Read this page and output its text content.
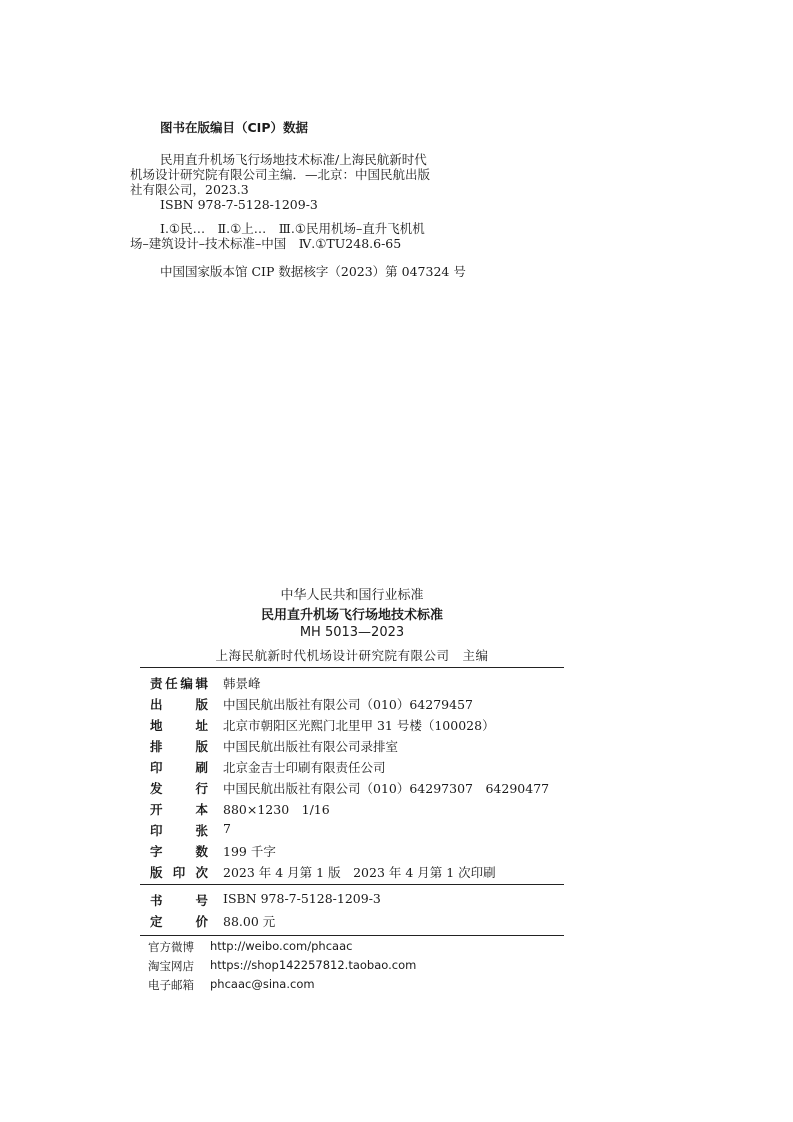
图书在版编目（CIP）数据
民用直升机场飞行场地技术标准/上海民航新时代
机场设计研究院有限公司主编．—北京：中国民航出版
社有限公司，2023.3
ISBN 978-7-5128-1209-3
Ⅰ.①民…　Ⅱ.①上…　Ⅲ.①民用机场–直升飞机机
场–建筑设计–技术标准–中国　Ⅳ.①TU248.6-65
中国国家版本馆 CIP 数据核字（2023）第 047324 号
中华人民共和国行业标准
民用直升机场飞行场地技术标准
MH 5013—2023
上海民航新时代机场设计研究院有限公司　主编
责 任 编 辑 韩景峰
出	版 中国民航出版社有限公司（010）64279457
地	址 北京市朝阳区光熙门北里甲 31 号楼（100028）
排	版 中国民航出版社有限公司录排室
印	刷 北京金吉士印刷有限责任公司
发	行 中国民航出版社有限公司（010）64297307　64290477
开	本 880×1230　1/16
印	张 7
字	数 199 千字
版 印 次 2023 年 4 月第 1 版　2023 年 4 月第 1 次印刷
书	号 ISBN 978-7-5128-1209-3
定	价 88.00 元
官方微博 http://weibo.com/phcaac
淘宝网店 https://shop142257812.taobao.com
电子邮箱 phcaac@sina.com
